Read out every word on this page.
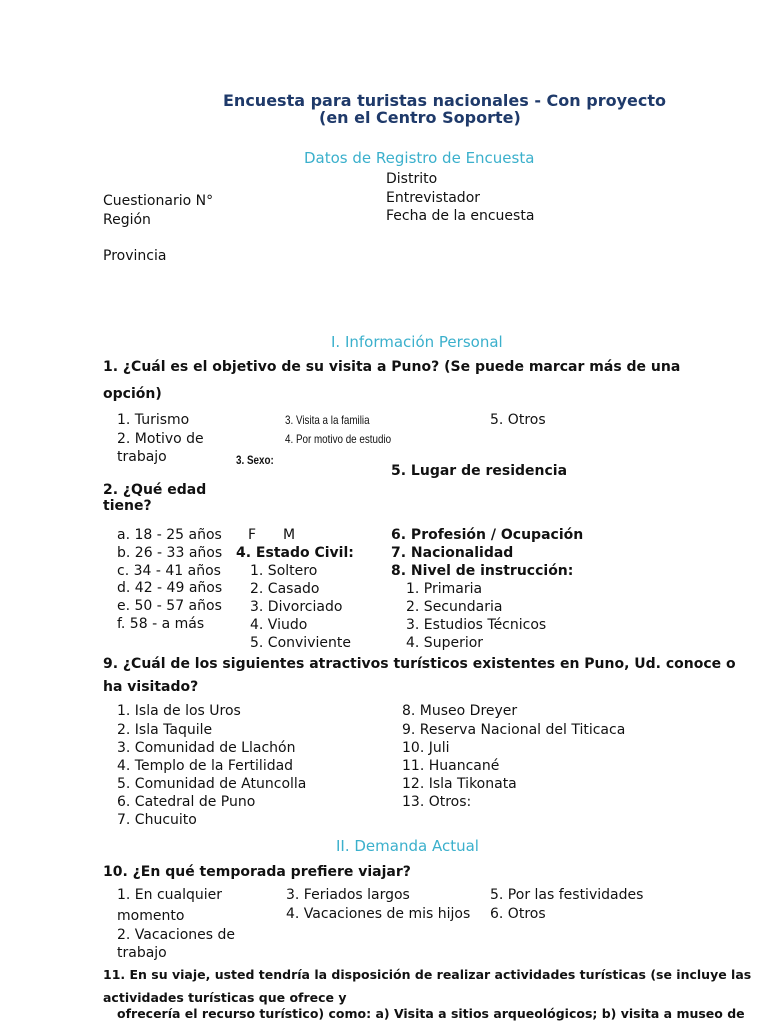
Encuesta para turistas nacionales - Con proyecto
(en el Centro Soporte)
Datos de Registro de Encuesta
Distrito
Entrevistador
Fecha de la encuesta
Cuestionario N°
Región
Provincia
I. Información Personal
1. ¿Cuál es el objetivo de su visita a Puno? (Se puede marcar más de una
opción)
1. Turismo
2. Motivo de
trabajo
3. Visita a la familia
4. Por motivo de estudio
5. Otros
3. Sexo:
F M
5. Lugar de residencia
2. ¿Qué edad
tiene?
a. 18 - 25 años
b. 26 - 33 años
c. 34 - 41 años
d. 42 - 49 años
e. 50 - 57 años
f. 58 - a más
4. Estado Civil:
1. Soltero
2. Casado
3. Divorciado
4. Viudo
5. Conviviente
6. Profesión / Ocupación
7. Nacionalidad
8. Nivel de instrucción:
1. Primaria
2. Secundaria
3. Estudios Técnicos
4. Superior
9. ¿Cuál de los siguientes atractivos turísticos existentes en Puno, Ud. conoce o
ha visitado?
1. Isla de los Uros
2. Isla Taquile
3. Comunidad de Llachón
4. Templo de la Fertilidad
5. Comunidad de Atuncolla
6. Catedral de Puno
7. Chucuito
8. Museo Dreyer
9. Reserva Nacional del Titicaca
10. Juli
11. Huancané
12. Isla Tikonata
13. Otros:
II. Demanda Actual
10. ¿En qué temporada prefiere viajar?
1. En cualquier
momento
2. Vacaciones de
trabajo
3. Feriados largos
4. Vacaciones de mis hijos
5. Por las festividades
6. Otros
11. En su viaje, usted tendría la disposición de realizar actividades turísticas (se incluye las
actividades turísticas que ofrece y
ofrecería el recurso turístico) como: a) Visita a sitios arqueológicos; b) visita a museo de
